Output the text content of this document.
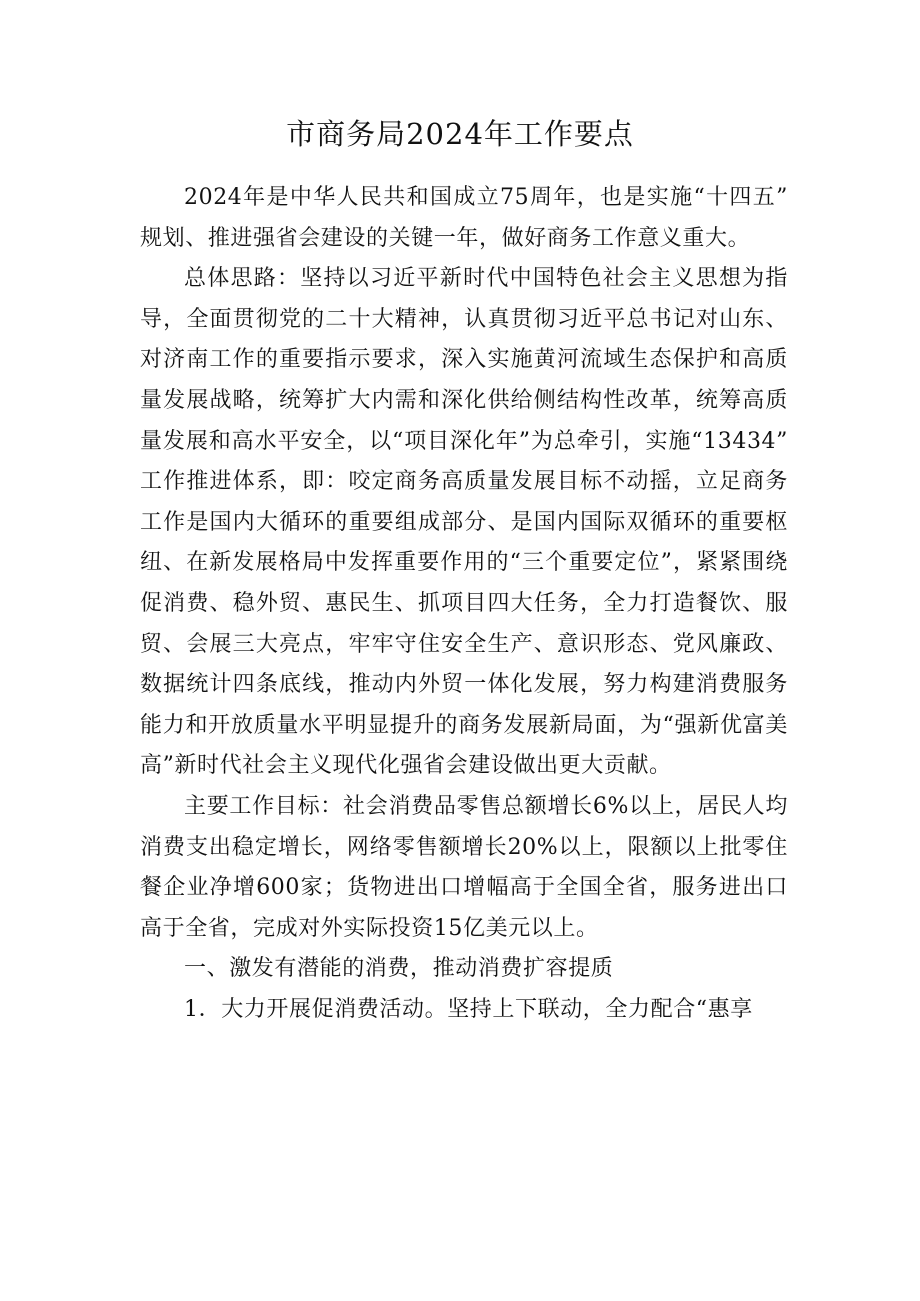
市商务局2024年工作要点

2024年是中华人民共和国成立75周年，也是实施“十四五”规划、推进强省会建设的关键一年，做好商务工作意义重大。

总体思路：坚持以习近平新时代中国特色社会主义思想为指导，全面贯彻党的二十大精神，认真贯彻习近平总书记对山东、对济南工作的重要指示要求，深入实施黄河流域生态保护和高质量发展战略，统筹扩大内需和深化供给侧结构性改革，统筹高质量发展和高水平安全，以“项目深化年”为总牵引，实施“13434”工作推进体系，即：咬定商务高质量发展目标不动摇，立足商务工作是国内大循环的重要组成部分、是国内国际双循环的重要枢纽、在新发展格局中发挥重要作用的“三个重要定位”，紧紧围绕促消费、稳外贸、惠民生、抓项目四大任务，全力打造餐饮、服贸、会展三大亮点，牢牢守住安全生产、意识形态、党风廉政、数据统计四条底线，推动内外贸一体化发展，努力构建消费服务能力和开放质量水平明显提升的商务发展新局面，为“强新优富美高”新时代社会主义现代化强省会建设做出更大贡献。

主要工作目标：社会消费品零售总额增长6%以上，居民人均消费支出稳定增长，网络零售额增长20%以上，限额以上批零住餐企业净增600家；货物进出口增幅高于全国全省，服务进出口高于全省，完成对外实际投资15亿美元以上。

一、激发有潜能的消费，推动消费扩容提质

1．大力开展促消费活动。坚持上下联动，全力配合“惠享
